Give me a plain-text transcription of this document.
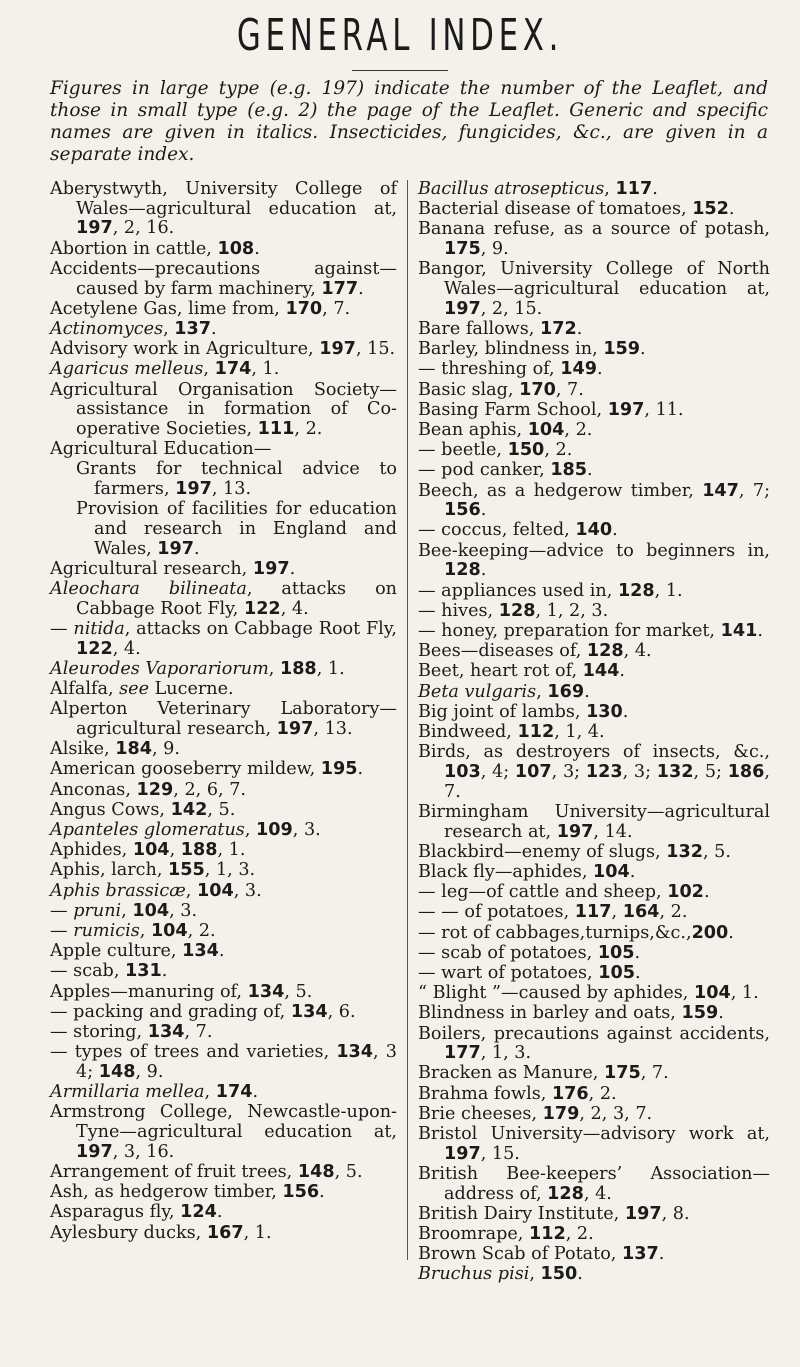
GENERAL INDEX.

Figures in large type (e.g. 197) indicate the number of the Leaflet, and those in small type (e.g. 2) the page of the Leaflet. Generic and specific names are given in italics. Insecticides, fungicides, &c., are given in a separate index.

Aberystwyth, University College of Wales—agricultural education at, 197, 2, 16.

Abortion in cattle, 108.

Accidents—precautions against—caused by farm machinery, 177.

Acetylene Gas, lime from, 170, 7.

Actinomyces, 137.

Advisory work in Agriculture, 197, 15.

Agaricus melleus, 174, 1.

Agricultural Organisation Society—assistance in formation of Co-operative Societies, 111, 2.

Agricultural Education—

Grants for technical advice to farmers, 197, 13.

Provision of facilities for education and research in England and Wales, 197.

Agricultural research, 197.

Aleochara bilineata, attacks on Cabbage Root Fly, 122, 4.

— nitida, attacks on Cabbage Root Fly, 122, 4.

Aleurodes Vaporariorum, 188, 1.

Alfalfa, see Lucerne.

Alperton Veterinary Laboratory—agricultural research, 197, 13.

Alsike, 184, 9.

American gooseberry mildew, 195.

Anconas, 129, 2, 6, 7.

Angus Cows, 142, 5.

Apanteles glomeratus, 109, 3.

Aphides, 104, 188, 1.

Aphis, larch, 155, 1, 3.

Aphis brassicæ, 104, 3.

— pruni, 104, 3.

— rumicis, 104, 2.

Apple culture, 134.

— scab, 131.

Apples—manuring of, 134, 5.

— packing and grading of, 134, 6.

— storing, 134, 7.

— types of trees and varieties, 134, 3 4; 148, 9.

Armillaria mellea, 174.

Armstrong College, Newcastle-upon-Tyne—agricultural education at, 197, 3, 16.

Arrangement of fruit trees, 148, 5.

Ash, as hedgerow timber, 156.

Asparagus fly, 124.

Aylesbury ducks, 167, 1.

Bacillus atrosepticus, 117.

Bacterial disease of tomatoes, 152.

Banana refuse, as a source of potash, 175, 9.

Bangor, University College of North Wales—agricultural education at, 197, 2, 15.

Bare fallows, 172.

Barley, blindness in, 159.

— threshing of, 149.

Basic slag, 170, 7.

Basing Farm School, 197, 11.

Bean aphis, 104, 2.

— beetle, 150, 2.

— pod canker, 185.

Beech, as a hedgerow timber, 147, 7; 156.

— coccus, felted, 140.

Bee-keeping—advice to beginners in, 128.

— appliances used in, 128, 1.

— hives, 128, 1, 2, 3.

— honey, preparation for market, 141.

Bees—diseases of, 128, 4.

Beet, heart rot of, 144.

Beta vulgaris, 169.

Big joint of lambs, 130.

Bindweed, 112, 1, 4.

Birds, as destroyers of insects, &c., 103, 4; 107, 3; 123, 3; 132, 5; 186, 7.

Birmingham University—agricultural research at, 197, 14.

Blackbird—enemy of slugs, 132, 5.

Black fly—aphides, 104.

— leg—of cattle and sheep, 102.

— — of potatoes, 117, 164, 2.

— rot of cabbages,turnips,&c.,200.

— scab of potatoes, 105.

— wart of potatoes, 105.

“ Blight ”—caused by aphides, 104, 1.

Blindness in barley and oats, 159.

Boilers, precautions against accidents, 177, 1, 3.

Bracken as Manure, 175, 7.

Brahma fowls, 176, 2.

Brie cheeses, 179, 2, 3, 7.

Bristol University—advisory work at, 197, 15.

British Bee-keepers’ Association—address of, 128, 4.

British Dairy Institute, 197, 8.

Broomrape, 112, 2.

Brown Scab of Potato, 137.

Bruchus pisi, 150.
